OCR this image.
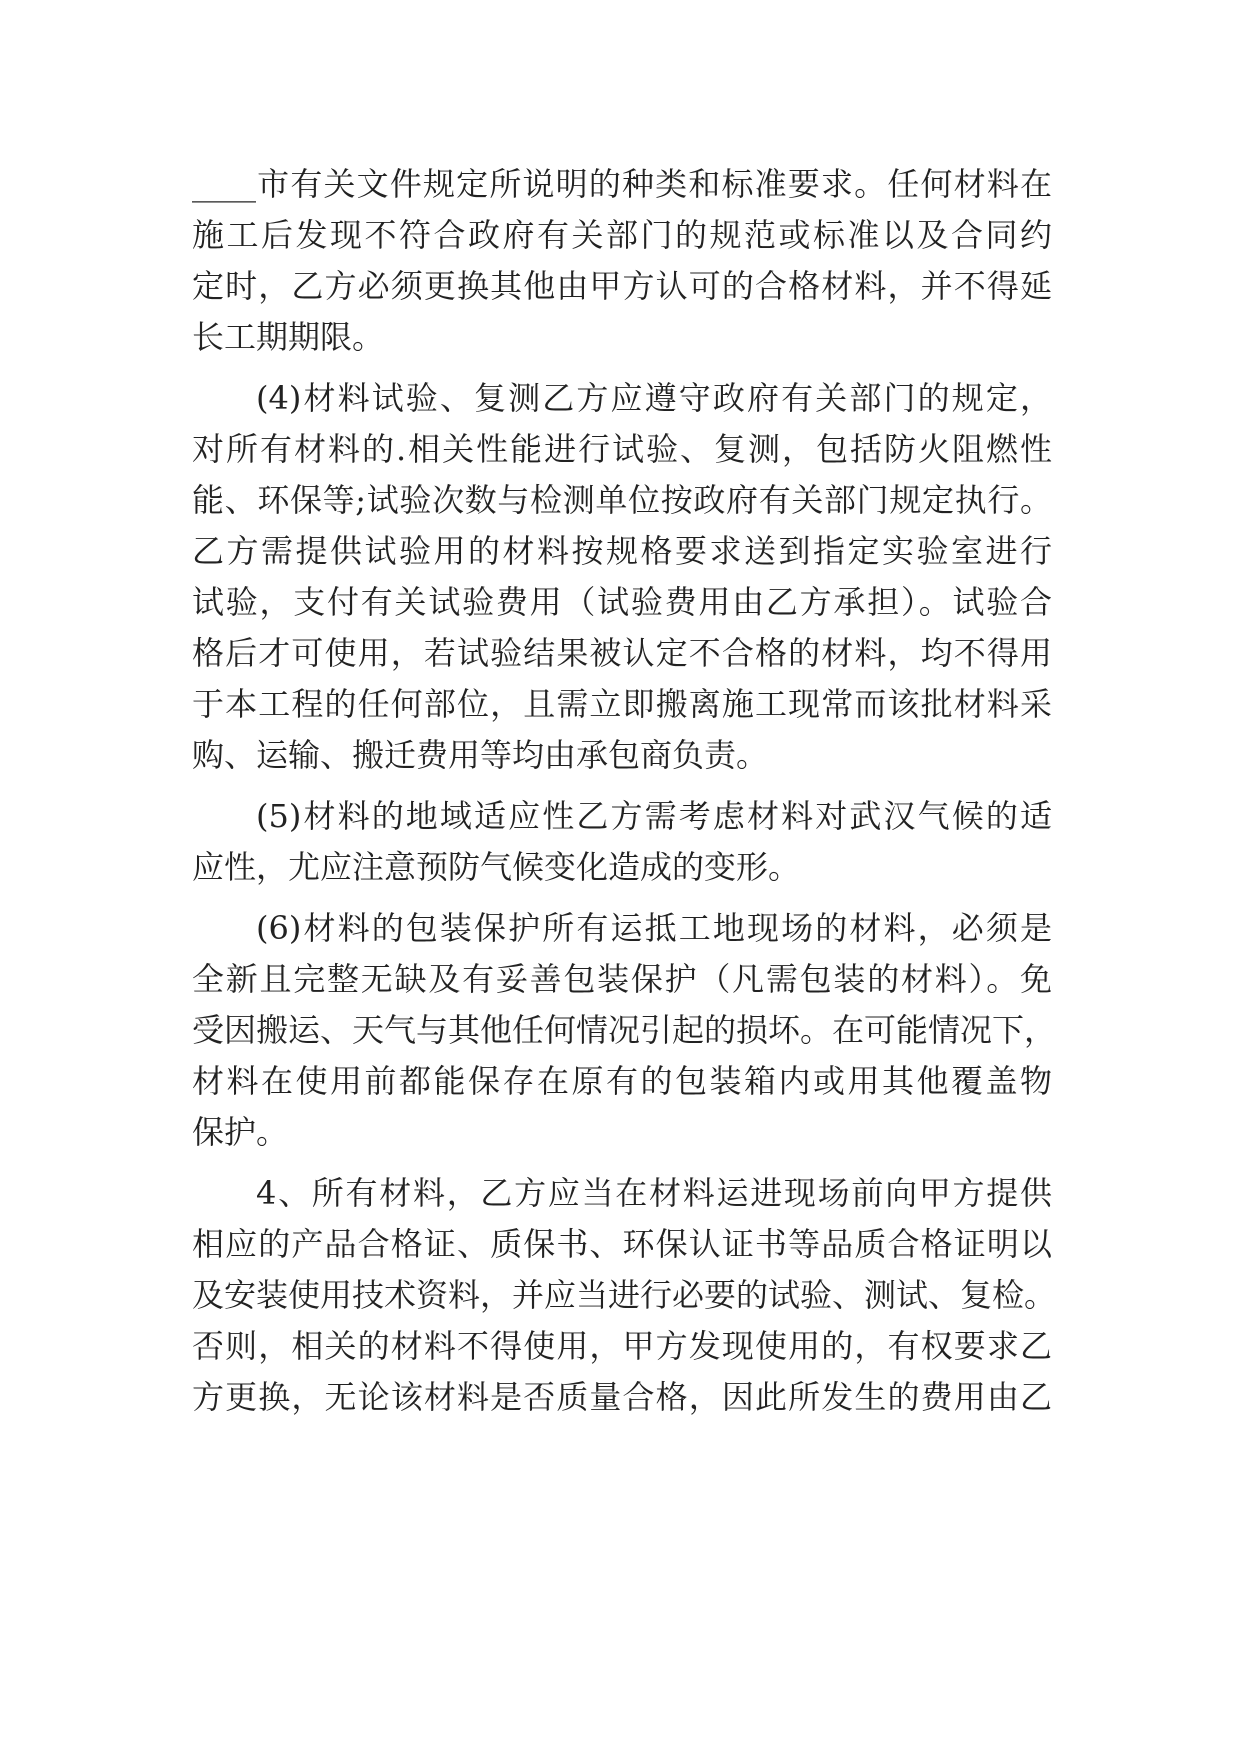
____市有关文件规定所说明的种类和标准要求。任何材料在
施工后发现不符合政府有关部门的规范或标准以及合同约
定时，乙方必须更换其他由甲方认可的合格材料，并不得延
长工期期限。
(4)材料试验、复测乙方应遵守政府有关部门的规定，
对所有材料的.相关性能进行试验、复测，包括防火阻燃性
能、环保等;试验次数与检测单位按政府有关部门规定执行。
乙方需提供试验用的材料按规格要求送到指定实验室进行
试验，支付有关试验费用（试验费用由乙方承担）。试验合
格后才可使用，若试验结果被认定不合格的材料，均不得用
于本工程的任何部位，且需立即搬离施工现常而该批材料采
购、运输、搬迁费用等均由承包商负责。
(5)材料的地域适应性乙方需考虑材料对武汉气候的适
应性，尤应注意预防气候变化造成的变形。
(6)材料的包装保护所有运抵工地现场的材料，必须是
全新且完整无缺及有妥善包装保护（凡需包装的材料）。免
受因搬运、天气与其他任何情况引起的损坏。在可能情况下，
材料在使用前都能保存在原有的包装箱内或用其他覆盖物
保护。
4、所有材料，乙方应当在材料运进现场前向甲方提供
相应的产品合格证、质保书、环保认证书等品质合格证明以
及安装使用技术资料，并应当进行必要的试验、测试、复检。
否则，相关的材料不得使用，甲方发现使用的，有权要求乙
方更换，无论该材料是否质量合格，因此所发生的费用由乙
